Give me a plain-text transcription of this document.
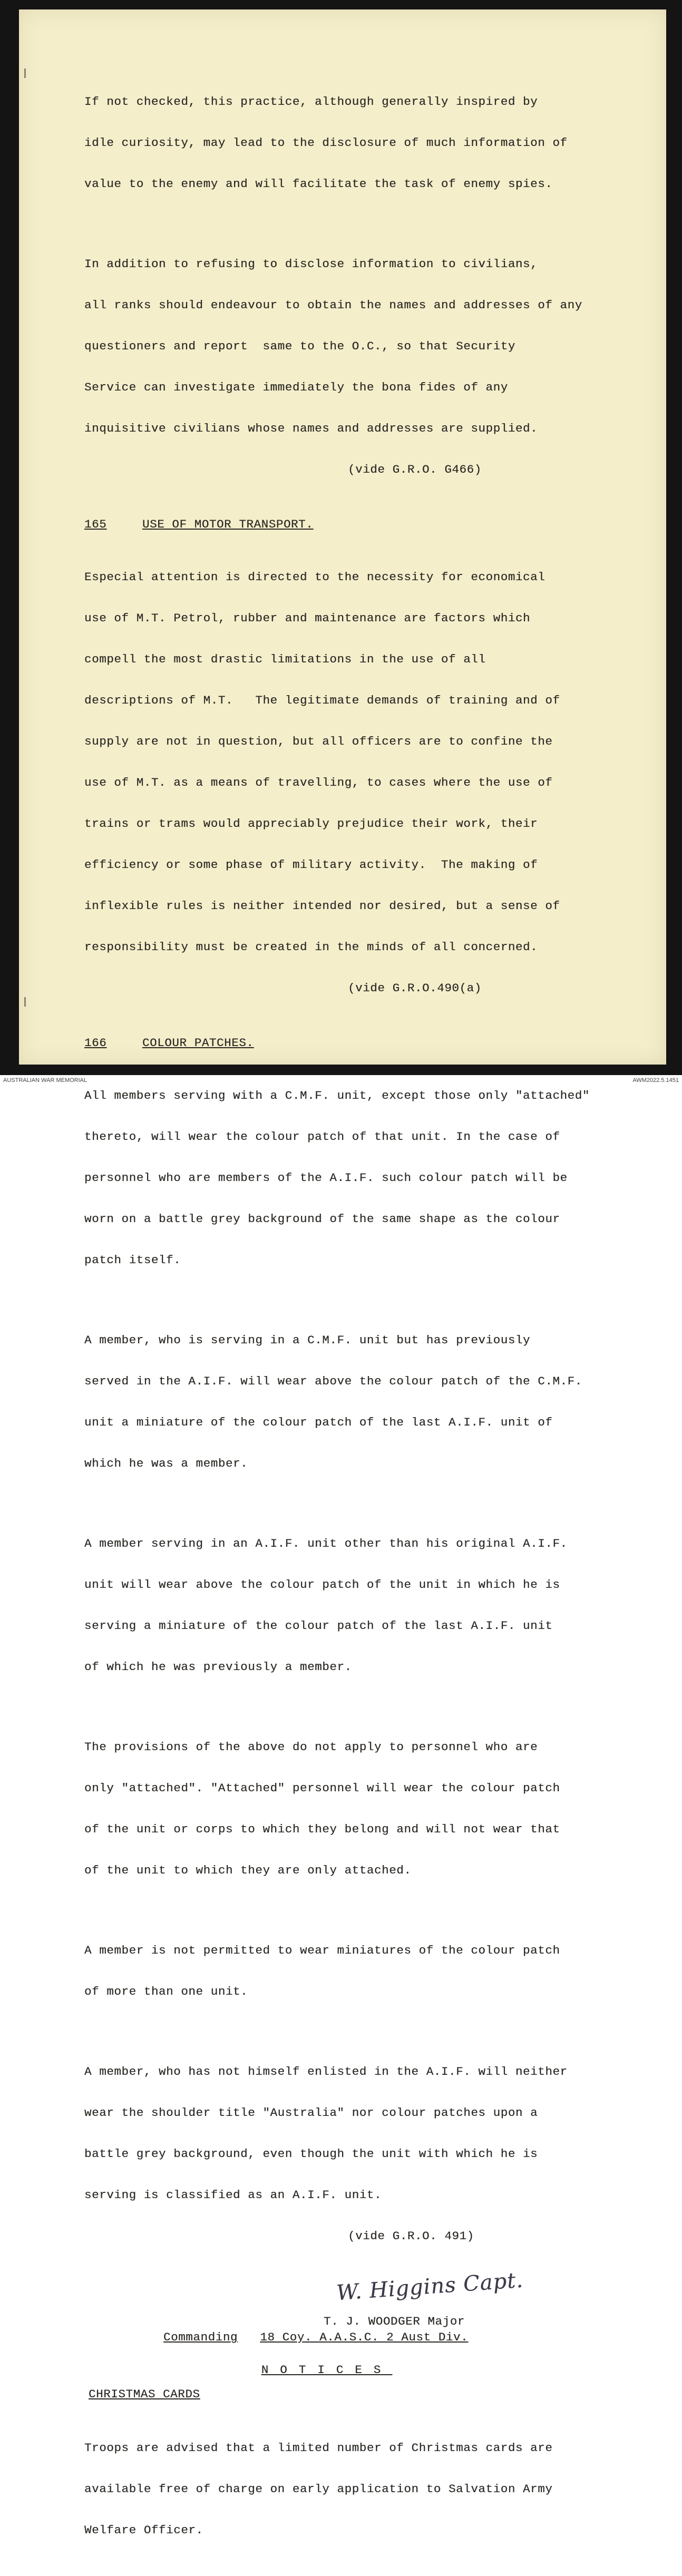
If not checked, this practice, although generally inspired by

idle curiosity, may lead to the disclosure of much information of

value to the enemy and will facilitate the task of enemy spies.

In addition to refusing to disclose information to civilians,

all ranks should endeavour to obtain the names and addresses of any

questioners and report  same to the O.C., so that Security

Service can investigate immediately the bona fides of any

inquisitive civilians whose names and addresses are supplied.

(vide G.R.O. G466)

165	USE OF MOTOR TRANSPORT.

Especial attention is directed to the necessity for economical

use of M.T. Petrol, rubber and maintenance are factors which

compell the most drastic limitations in the use of all

descriptions of M.T.   The legitimate demands of training and of

supply are not in question, but all officers are to confine the

use of M.T. as a means of travelling, to cases where the use of

trains or trams would appreciably prejudice their work, their

efficiency or some phase of military activity.  The making of

inflexible rules is neither intended nor desired, but a sense of

responsibility must be created in the minds of all concerned.

(vide G.R.O.490(a)

166	COLOUR PATCHES.

All members serving with a C.M.F. unit, except those only "attached"

thereto, will wear the colour patch of that unit. In the case of

personnel who are members of the A.I.F. such colour patch will be

worn on a battle grey background of the same shape as the colour

patch itself.

A member, who is serving in a C.M.F. unit but has previously

served in the A.I.F. will wear above the colour patch of the C.M.F.

unit a miniature of the colour patch of the last A.I.F. unit of

which he was a member.

A member serving in an A.I.F. unit other than his original A.I.F.

unit will wear above the colour patch of the unit in which he is

serving a miniature of the colour patch of the last A.I.F. unit

of which he was previously a member.

The provisions of the above do not apply to personnel who are

only "attached". "Attached" personnel will wear the colour patch

of the unit or corps to which they belong and will not wear that

of the unit to which they are only attached.

A member is not permitted to wear miniatures of the colour patch

of more than one unit.

A member, who has not himself enlisted in the A.I.F. will neither

wear the shoulder title "Australia" nor colour patches upon a

battle grey background, even though the unit with which he is

serving is classified as an A.I.F. unit.

(vide G.R.O. 491)

W. Higgins Capt.
T. J. WOODGER Major
Commanding 18 Coy. A.A.S.C. 2 Aust Div.
NOTICES
CHRISTMAS CARDS

Troops are advised that a limited number of Christmas cards are

available free of charge on early application to Salvation Army

Welfare Officer.

AUSTRALIAN WAR MEMORIAL	AWM2022.5.1451
